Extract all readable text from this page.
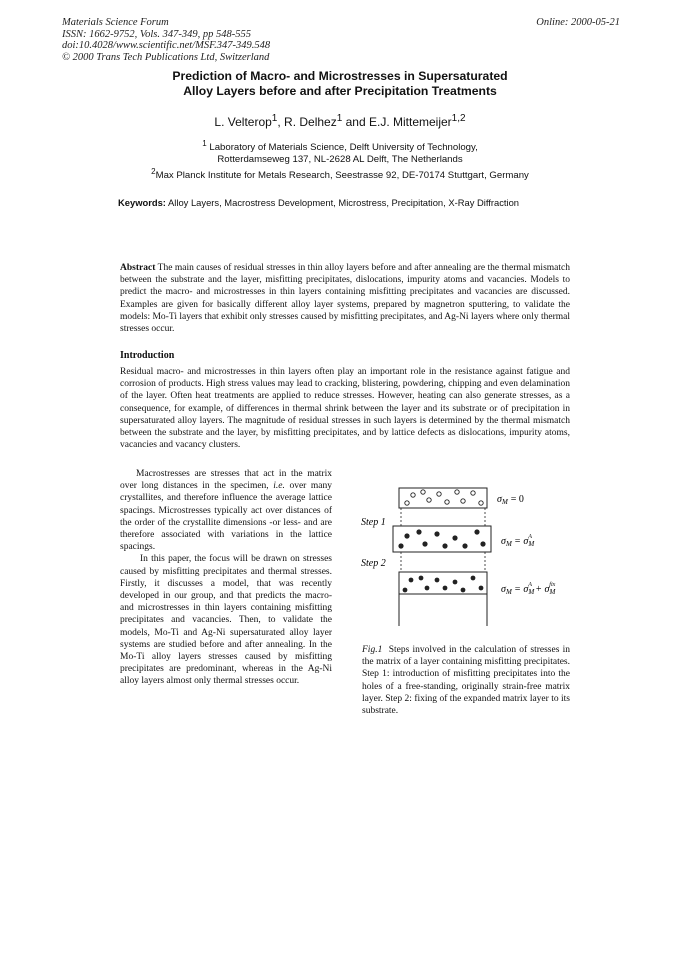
Materials Science Forum
ISSN: 1662-9752, Vols. 347-349, pp 548-555
doi:10.4028/www.scientific.net/MSF.347-349.548
© 2000 Trans Tech Publications Ltd, Switzerland
Online: 2000-05-21
Prediction of Macro- and Microstresses in Supersaturated
Alloy Layers before and after Precipitation Treatments
L. Velterop$^1$, R. Delhez$^1$ and E.J. Mittemeijer$^{1,2}$
$^1$ Laboratory of Materials Science, Delft University of Technology,
Rotterdamseweg 137, NL-2628 AL Delft, The Netherlands
$^2$Max Planck Institute for Metals Research, Seestrasse 92, DE-70174 Stuttgart, Germany
Keywords: Alloy Layers, Macrostress Development, Microstress, Precipitation, X-Ray Diffraction
Abstract The main causes of residual stresses in thin alloy layers before and after annealing are the thermal mismatch between the substrate and the layer, misfitting precipitates, dislocations, impurity atoms and vacancies. Models to predict the macro- and microstresses in thin layers containing misfitting precipitates and vacancies are discussed. Examples are given for basically different alloy layer systems, prepared by magnetron sputtering, to validate the models: Mo-Ti layers that exhibit only stresses caused by misfitting precipitates, and Ag-Ni layers where only thermal stresses occur.
Introduction
Residual macro- and microstresses in thin layers often play an important role in the resistance against fatigue and corrosion of products. High stress values may lead to cracking, blistering, powdering, chipping and even delamination of the layer. Often heat treatments are applied to reduce stresses. However, heating can also generate stresses, as a consequence, for example, of differences in thermal shrink between the layer and its substrate or of precipitation in supersaturated alloy layers. The magnitude of residual stresses in such layers is determined by the thermal mismatch between the substrate and the layer, by misfitting precipitates, and by lattice defects as dislocations, impurity atoms, vacancies and vacancy clusters.

Macrostresses are stresses that act in the matrix over long distances in the specimen, i.e. over many crystallites, and therefore influence the average lattice spacings. Microstresses typically act over distances of the order of the crystallite dimensions -or less- and are therefore associated with variations in the lattice spacings.

In this paper, the focus will be drawn on stresses caused by misfitting precipitates and thermal stresses. Firstly, it discusses a model, that was recently developed in our group, and that predicts the macro- and microstresses in thin layers containing misfitting precipitates and vacancies. Then, to validate the models, Mo-Ti and Ag-Ni supersaturated alloy layer systems are studied before and after annealing. In the Mo-Ti alloy layers stresses caused by misfitting precipitates are predominant, whereas in the Ag-Ni alloy layers almost only thermal stresses occur.

$\sigma_M = 0$
Step 1
$\sigma_M = \sigma_MA$
Step 2
$\sigma_M = \sigma_MA + \sigma_Mfix$
Fig.1 Steps involved in the calculation of stresses in the matrix of a layer containing misfitting precipitates. Step 1: introduction of misfitting precipitates into the holes of a free-standing, originally strain-free matrix layer. Step 2: fixing of the expanded matrix layer to its substrate.
